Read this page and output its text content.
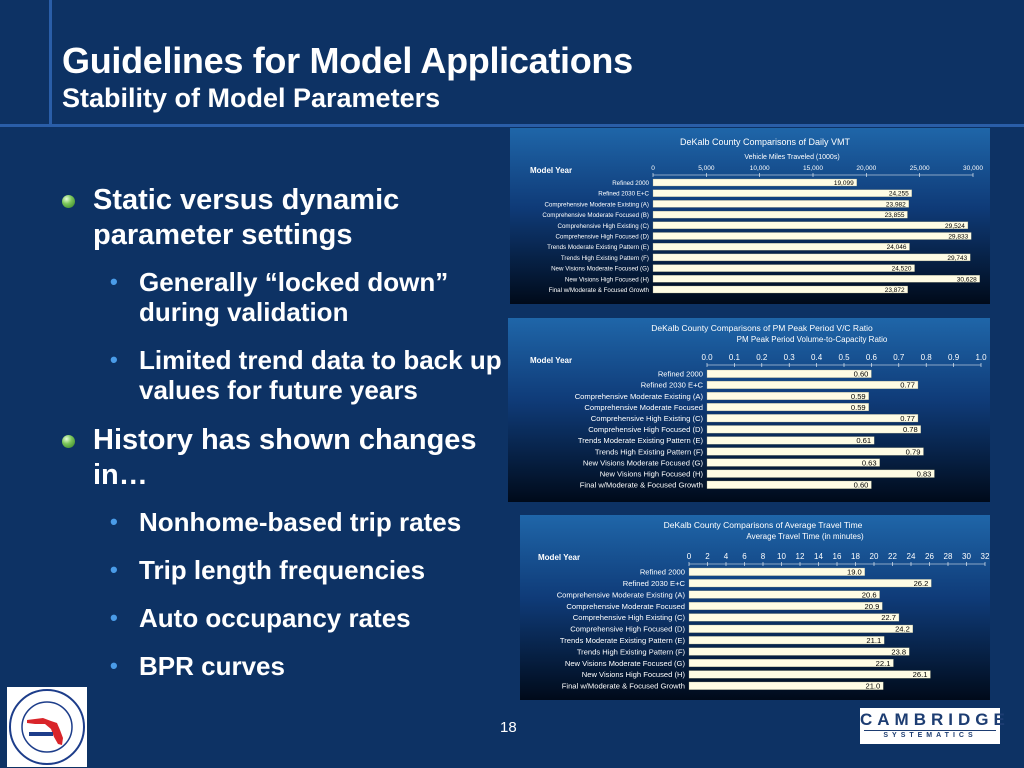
Guidelines for Model Applications
Stability of Model Parameters
Static versus dynamic parameter settings
• Generally “locked down” during validation
• Limited trend data to back up values for future years
History has shown changes in…
• Nonhome-based trip rates
• Trip length frequencies
• Auto occupancy rates
• BPR curves
DeKalb County Comparisons of Daily VMT
Vehicle Miles Traveled (1000s)
Model Year	0	5,000	10,000	15,000	20,000	25,000	30,000
Refined 2000	19,099
Refined 2030 E+C	24,255
Comprehensive Moderate Existing (A)	23,982
Comprehensive Moderate Focused (B)	23,855
Comprehensive High Existing (C)	29,524
Comprehensive High Focused (D)	29,833
Trends Moderate Existing Pattern (E)	24,046
Trends High Existing Pattern (F)	29,743
New Visions Moderate Focused (G)	24,520
New Visions High Focused (H)	30,628
Final w/Moderate & Focused Growth	23,872
DeKalb County Comparisons of PM Peak Period V/C Ratio
PM Peak Period Volume-to-Capacity Ratio
Model Year	0.0 0.1 0.2 0.3 0.4 0.5 0.6 0.7 0.8 0.9 1.0
Refined 2000	0.60
Refined 2030 E+C	0.77
Comprehensive Moderate Existing (A)	0.59
Comprehensive Moderate Focused	0.59
Comprehensive High Existing (C)	0.77
Comprehensive High Focused (D)	0.78
Trends Moderate Existing Pattern (E)	0.61
Trends High Existing Pattern (F)	0.79
New Visions Moderate Focused (G)	0.63
New Visions High Focused (H)	0.83
Final w/Moderate & Focused Growth	0.60
DeKalb County Comparisons of Average Travel Time
Average Travel Time (in minutes)
Model Year	0 2 4 6 8 10 12 14 16 18 20 22 24 26 28 30 32
Refined 2000	19.0
Refined 2030 E+C	26.2
Comprehensive Moderate Existing (A)	20.6
Comprehensive Moderate Focused	20.9
Comprehensive High Existing (C)	22.7
Comprehensive High Focused (D)	24.2
Trends Moderate Existing Pattern (E)	21.1
Trends High Existing Pattern (F)	23.8
New Visions Moderate Focused (G)	22.1
New Visions High Focused (H)	26.1
Final w/Moderate & Focused Growth	21.0
18	CAMBRIDGE
SYSTEMATICS
